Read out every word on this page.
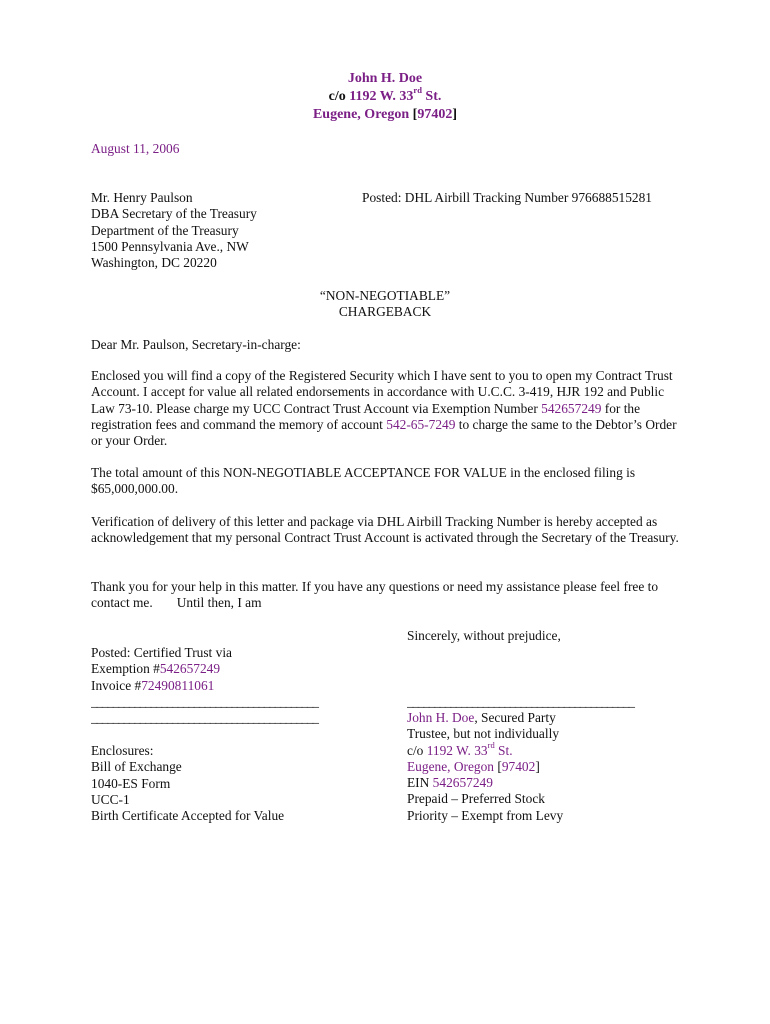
John H. Doe
c/o 1192 W. 33rd St.
Eugene, Oregon [97402]
August 11, 2006
Mr. Henry Paulson
DBA Secretary of the Treasury
Department of the Treasury
1500 Pennsylvania Ave., NW
Washington, DC 20220
Posted: DHL Airbill Tracking Number 976688515281
“NON-NEGOTIABLE”
CHARGEBACK
Dear Mr. Paulson, Secretary-in-charge:
Enclosed you will find a copy of the Registered Security which I have sent to you to open my Contract Trust Account. I accept for value all related endorsements in accordance with U.C.C. 3-419, HJR 192 and Public Law 73-10. Please charge my UCC Contract Trust Account via Exemption Number 542657249 for the registration fees and command the memory of account 542-65-7249 to charge the same to the Debtor’s Order or your Order.
The total amount of this NON-NEGOTIABLE ACCEPTANCE FOR VALUE in the enclosed filing is $65,000,000.00.
Verification of delivery of this letter and package via DHL Airbill Tracking Number is hereby accepted as acknowledgement that my personal Contract Trust Account is activated through the Secretary of the Treasury.
Thank you for your help in this matter. If you have any questions or need my assistance please feel free to
contact me. Until then, I am
Sincerely, without prejudice,
Posted: Certified Trust via
Exemption #542657249
Invoice #72490811061
__________________________________________
__________________________________________
__________________________________________
John H. Doe, Secured Party
Trustee, but not individually
c/o 1192 W. 33rd St.
Eugene, Oregon [97402]
EIN 542657249
Prepaid – Preferred Stock
Priority – Exempt from Levy
Enclosures:
Bill of Exchange
1040-ES Form
UCC-1
Birth Certificate Accepted for Value
